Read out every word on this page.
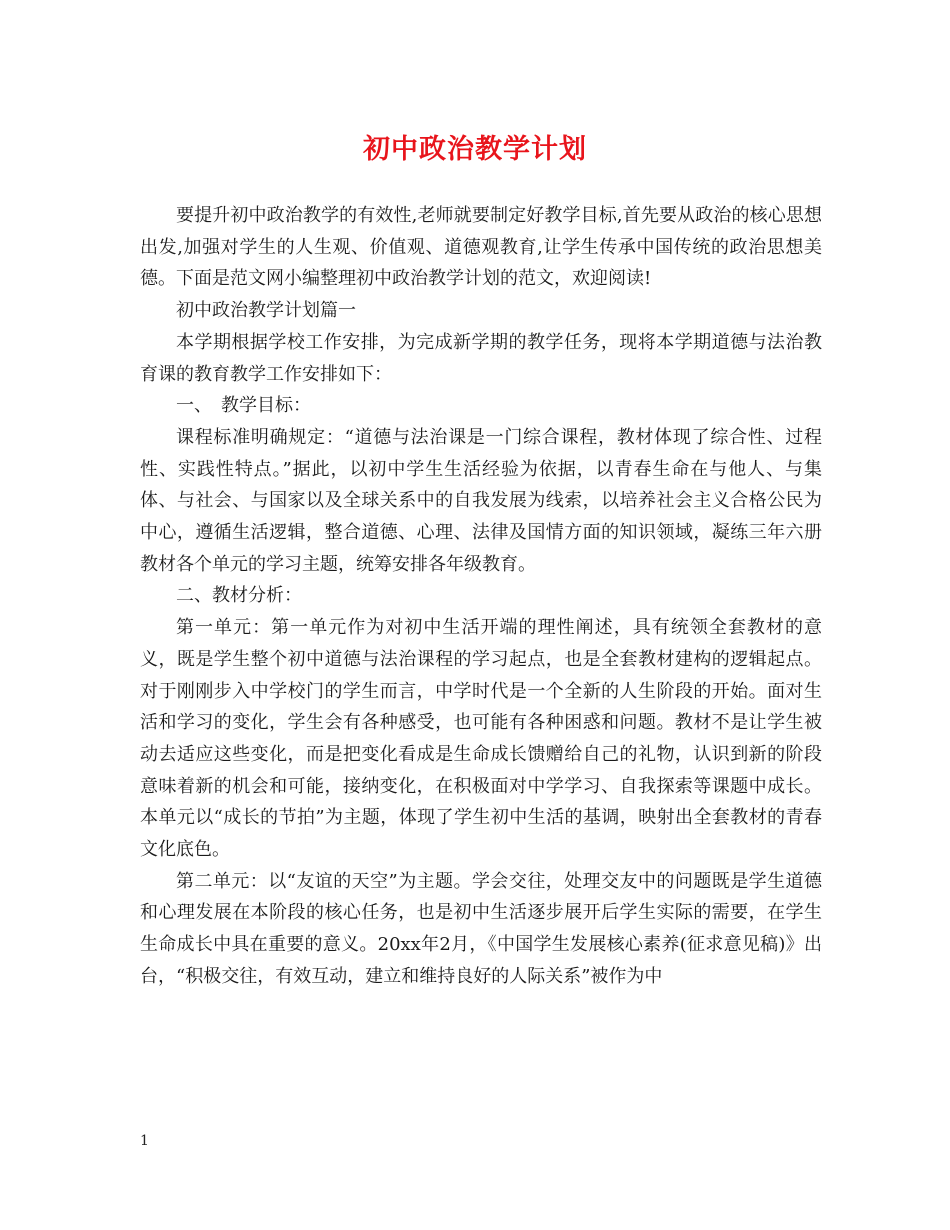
初中政治教学计划

要提升初中政治教学的有效性,老师就要制定好教学目标,首先要从政治的核心思想出发,加强对学生的人生观、价值观、道德观教育,让学生传承中国传统的政治思想美德。下面是范文网小编整理初中政治教学计划的范文，欢迎阅读!

初中政治教学计划篇一

本学期根据学校工作安排，为完成新学期的教学任务，现将本学期道德与法治教育课的教育教学工作安排如下：

一、　教学目标：

课程标准明确规定：“道德与法治课是一门综合课程，教材体现了综合性、过程性、实践性特点。”据此，以初中学生生活经验为依据，以青春生命在与他人、与集体、与社会、与国家以及全球关系中的自我发展为线索，以培养社会主义合格公民为中心，遵循生活逻辑，整合道德、心理、法律及国情方面的知识领域，凝练三年六册教材各个单元的学习主题，统筹安排各年级教育。

二、教材分析：

第一单元：第一单元作为对初中生活开端的理性阐述，具有统领全套教材的意义，既是学生整个初中道德与法治课程的学习起点，也是全套教材建构的逻辑起点。对于刚刚步入中学校门的学生而言，中学时代是一个全新的人生阶段的开始。面对生活和学习的变化，学生会有各种感受，也可能有各种困惑和问题。教材不是让学生被动去适应这些变化，而是把变化看成是生命成长馈赠给自己的礼物，认识到新的阶段意味着新的机会和可能，接纳变化，在积极面对中学学习、自我探索等课题中成长。本单元以“成长的节拍”为主题，体现了学生初中生活的基调，映射出全套教材的青春文化底色。

第二单元：以“友谊的天空”为主题。学会交往，处理交友中的问题既是学生道德和心理发展在本阶段的核心任务，也是初中生活逐步展开后学生实际的需要，在学生生命成长中具在重要的意义。20xx年2月，《中国学生发展核心素养(征求意见稿)》出台，“积极交往，有效互动，建立和维持良好的人际关系”被作为中

1
